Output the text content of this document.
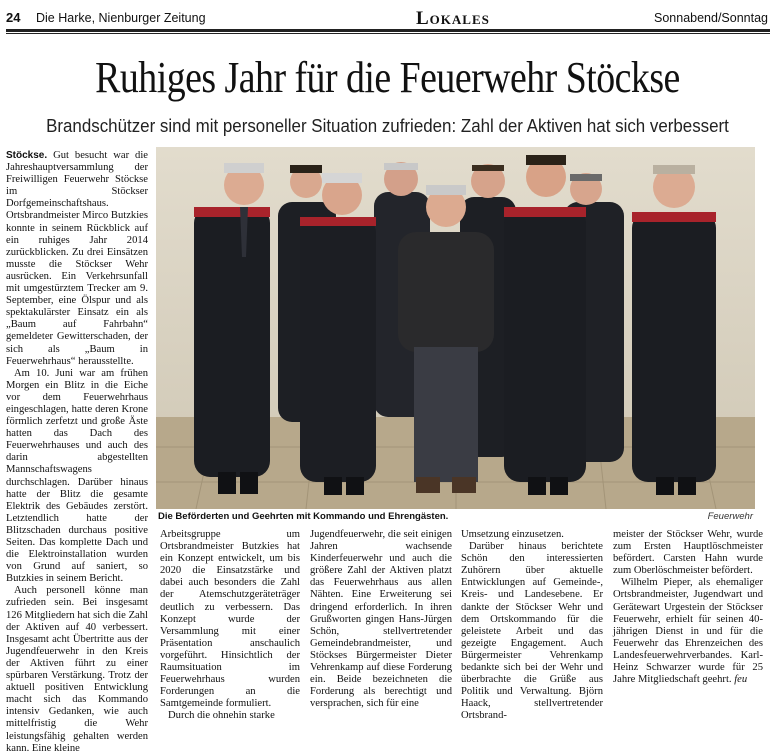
24 Die Harke, Nienburger Zeitung	Lokales	Sonnabend/Sonntag
Ruhiges Jahr für die Feuerwehr Stöckse
Brandschützer sind mit personeller Situation zufrieden: Zahl der Aktiven hat sich verbessert
Die Beförderten und Geehrten mit Kommando und Ehrengästen.	Feuerwehr

Stöckse. Gut besucht war die Jahreshauptversammlung der Freiwilligen Feuerwehr Stöckse im Stöckser Dorfgemeinschaftshaus. Ortsbrandmeister Mirco Butzkies konnte in seinem Rückblick auf ein ruhiges Jahr 2014 zurückblicken. Zu drei Einsätzen musste die Stöckser Wehr ausrücken. Ein Verkehrsunfall mit umgestürztem Trecker am 9. September, eine Ölspur und als spektakulärster Einsatz ein als „Baum auf Fahrbahn“ gemeldeter Gewitterschaden, der sich als „Baum in Feuerwehrhaus“ herausstellte.

Am 10. Juni war am frühen Morgen ein Blitz in die Eiche vor dem Feuerwehrhaus eingeschlagen, hatte deren Krone förmlich zerfetzt und große Äste hatten das Dach des Feuerwehrhauses und auch des darin abgestellten Mannschaftswagens durchschlagen. Darüber hinaus hatte der Blitz die gesamte Elektrik des Gebäudes zerstört. Letztendlich hatte der Blitzschaden durchaus positive Seiten. Das komplette Dach und die Elektroinstallation wurden von Grund auf saniert, so Butzkies in seinem Bericht.

Auch personell könne man zufrieden sein. Bei insgesamt 126 Mitgliedern hat sich die Zahl der Aktiven auf 40 verbessert. Insgesamt acht Übertritte aus der Jugendfeuerwehr in den Kreis der Aktiven führt zu einer spürbaren Verstärkung. Trotz der aktuell positiven Entwicklung macht sich das Kommando intensiv Gedanken, wie auch mittelfristig die Wehr leistungsfähig gehalten werden kann. Eine kleine

Arbeitsgruppe um Ortsbrandmeister Butzkies hat ein Konzept entwickelt, um bis 2020 die Einsatzstärke und dabei auch besonders die Zahl der Atemschutzgeräteträger deutlich zu verbessern. Das Konzept wurde der Versammlung mit einer Präsentation anschaulich vorgeführt. Hinsichtlich der Raumsituation im Feuerwehrhaus wurden Forderungen an die Samtgemeinde formuliert.

Durch die ohnehin starke

Jugendfeuerwehr, die seit einigen Jahren wachsende Kinderfeuerwehr und auch die größere Zahl der Aktiven platzt das Feuerwehrhaus aus allen Nähten. Eine Erweiterung sei dringend erforderlich. In ihren Grußworten gingen Hans-Jürgen Schön, stellvertretender Gemeindebrandmeister, und Stöckses Bürgermeister Dieter Vehrenkamp auf diese Forderung ein. Beide bezeichneten die Forderung als berechtigt und versprachen, sich für eine

Umsetzung einzusetzen.

Darüber hinaus berichtete Schön den interessierten Zuhörern über aktuelle Entwicklungen auf Gemeinde-, Kreis- und Landesebene. Er dankte der Stöckser Wehr und dem Ortskommando für die geleistete Arbeit und das gezeigte Engagement. Auch Bürgermeister Vehrenkamp bedankte sich bei der Wehr und überbrachte die Grüße aus Politik und Verwaltung. Björn Haack, stellvertretender Ortsbrand-

meister der Stöckser Wehr, wurde zum Ersten Hauptlöschmeister befördert. Carsten Hahn wurde zum Oberlöschmeister befördert.

Wilhelm Pieper, als ehemaliger Ortsbrandmeister, Jugendwart und Gerätewart Urgestein der Stöckser Feuerwehr, erhielt für seinen 40-jährigen Dienst in und für die Feuerwehr das Ehrenzeichen des Landesfeuerwehrverbandes. Karl-Heinz Schwarzer wurde für 25 Jahre Mitgliedschaft geehrt. feu
